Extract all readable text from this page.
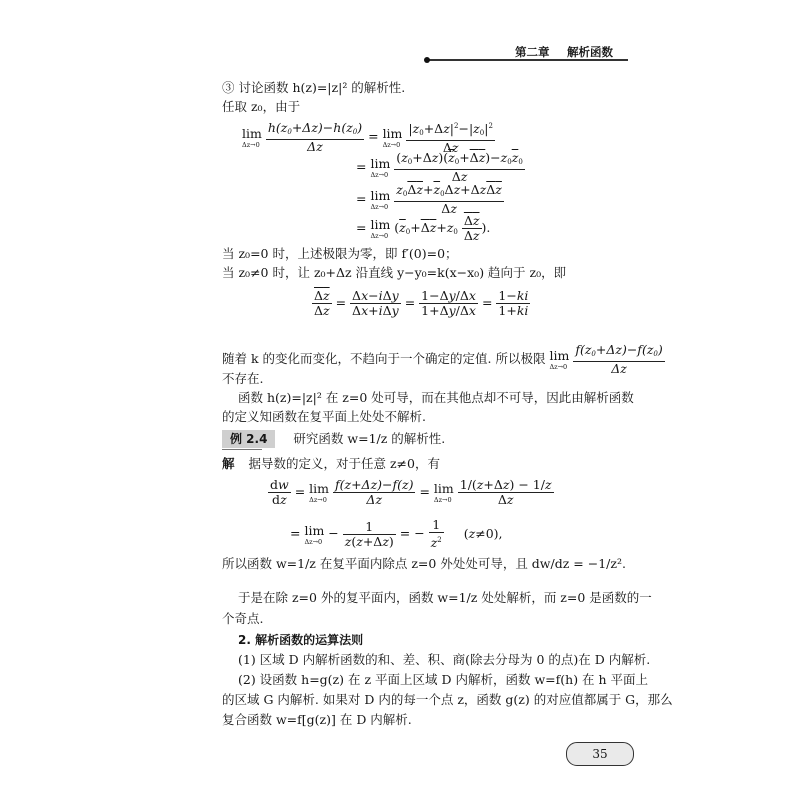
第二章 解析函数
③ 讨论函数 h(z)=|z|² 的解析性.
任取 z₀，由于
lim
Δz→0
$\frac{h(z_0+\Delta z)-h(z_0)}{\Delta z} = \lim$
Δz→0
$\frac{|z_0+\Delta z|^2-|z_0|^2}{\Delta z}$
= lim
Δz→0
$\frac{(z_0+\Delta z)(\overline{z}_0+\Delta z)-z_0\overline{z}_0}{\Delta z}$
= lim
Δz→0
$\frac{z_0\Delta z+\overline{z}_0\Delta z+\Delta z\Delta z}{\Delta z}$
= lim
Δz→0
($\overline{z}_0+\Delta z+z_0 \frac{\Delta z}{\Delta z}$ ).
当 z₀=0 时，上述极限为零，即 f′(0)=0；
当 z₀≠0 时，让 z₀+Δz 沿直线 y−y₀=k(x−x₀) 趋向于 z₀，即
$\frac{\Delta z}{\Delta z} = \frac{\text{Δx−iΔy}}{\text{Δx+iΔy}} = \frac{1-\Delta y/\Delta x}{1+\Delta y/\Delta x} = \frac{1-ki}{1+ki}$
随着 k 的变化而变化，不趋向于一个确定的定值. 所以极限 lim
Δz→0
$\frac{f(z_0+\Delta z)-f(z_0)}{\Delta z}$
不存在.
函数 h(z)=|z|² 在 z=0 处可导，而在其他点却不可导，因此由解析函数
的定义知函数在复平面上处处不解析.
例 2.4 研究函数 w=1/z 的解析性.
解 据导数的定义，对于任意 z≠0，有
$\frac{dw}{dz} = \lim$
Δz→0
$\frac{f(z+\Delta z)-f(z)}{\Delta z} = \lim$
Δz→0
$\frac{1/(z+\Delta z) - 1/z}{\Delta z}$
= lim
Δz→0
− $\frac{1}{z(z+\Delta z)}$ = − $\frac{1}{z^2} (z\ne 0)$,
所以函数 w=1/z 在复平面内除点 z=0 外处处可导，且 dw/dz = −1/z².
于是在除 z=0 外的复平面内，函数 w=1/z 处处解析，而 z=0 是函数的一
个奇点.
2. 解析函数的运算法则
(1) 区域 D 内解析函数的和、差、积、商(除去分母为 0 的点)在 D 内解析.
(2) 设函数 h=g(z) 在 z 平面上区域 D 内解析，函数 w=f(h) 在 h 平面上
的区域 G 内解析. 如果对 D 内的每一个点 z，函数 g(z) 的对应值都属于 G，那么
复合函数 w=f[g(z)] 在 D 内解析.
35
